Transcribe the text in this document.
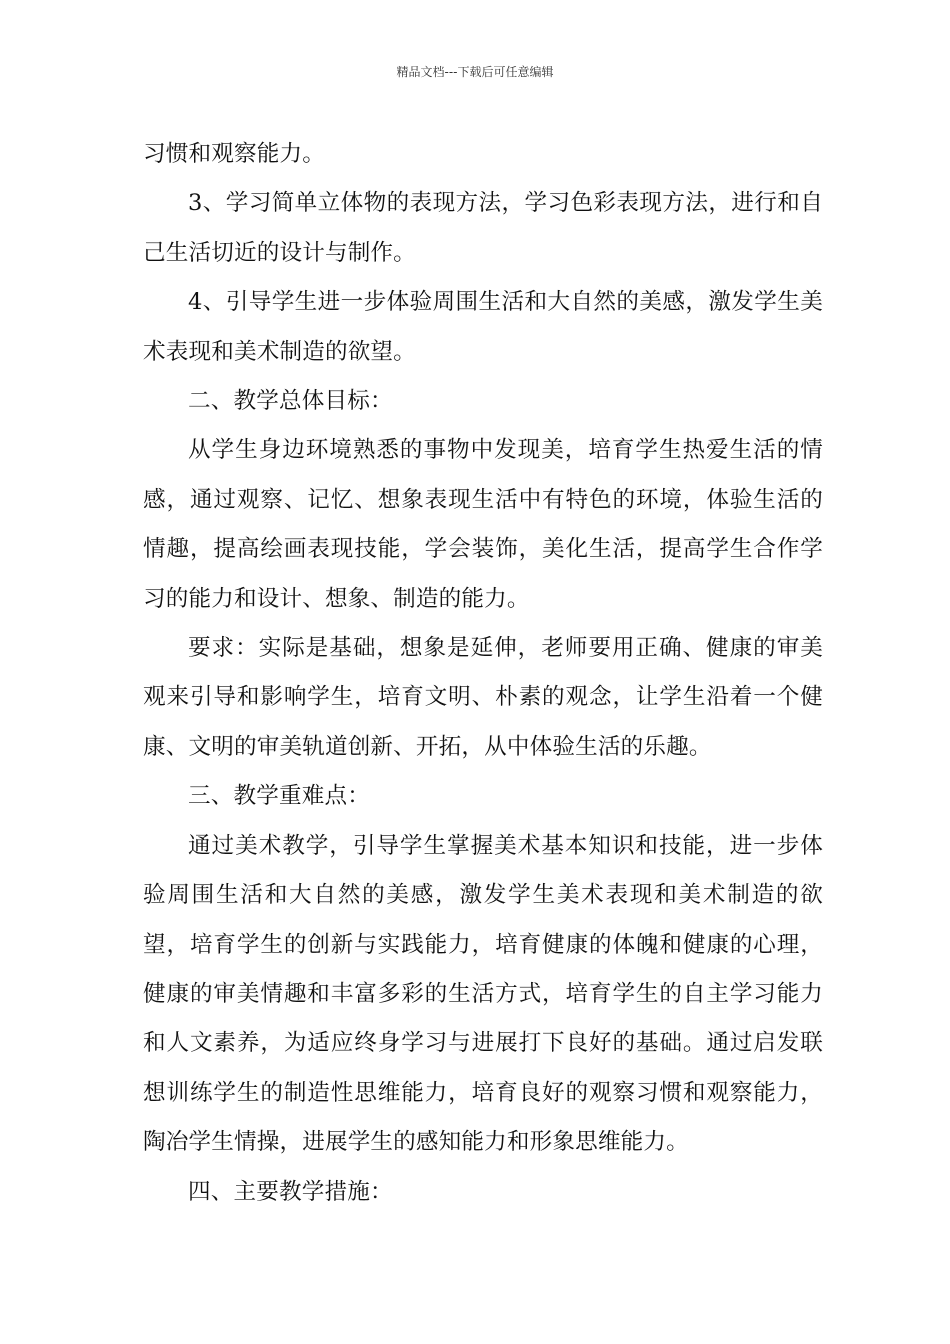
精品文档---下载后可任意编辑

习惯和观察能力。

3、学习简单立体物的表现方法，学习色彩表现方法，进行和自己生活切近的设计与制作。

4、引导学生进一步体验周围生活和大自然的美感，激发学生美术表现和美术制造的欲望。

二、教学总体目标：

从学生身边环境熟悉的事物中发现美，培育学生热爱生活的情感，通过观察、记忆、想象表现生活中有特色的环境，体验生活的情趣，提高绘画表现技能，学会装饰，美化生活，提高学生合作学习的能力和设计、想象、制造的能力。

要求：实际是基础，想象是延伸，老师要用正确、健康的审美观来引导和影响学生，培育文明、朴素的观念，让学生沿着一个健康、文明的审美轨道创新、开拓，从中体验生活的乐趣。

三、教学重难点：

通过美术教学，引导学生掌握美术基本知识和技能，进一步体验周围生活和大自然的美感，激发学生美术表现和美术制造的欲望，培育学生的创新与实践能力，培育健康的体魄和健康的心理，健康的审美情趣和丰富多彩的生活方式，培育学生的自主学习能力和人文素养，为适应终身学习与进展打下良好的基础。通过启发联想训练学生的制造性思维能力，培育良好的观察习惯和观察能力，陶冶学生情操，进展学生的感知能力和形象思维能力。

四、主要教学措施：
